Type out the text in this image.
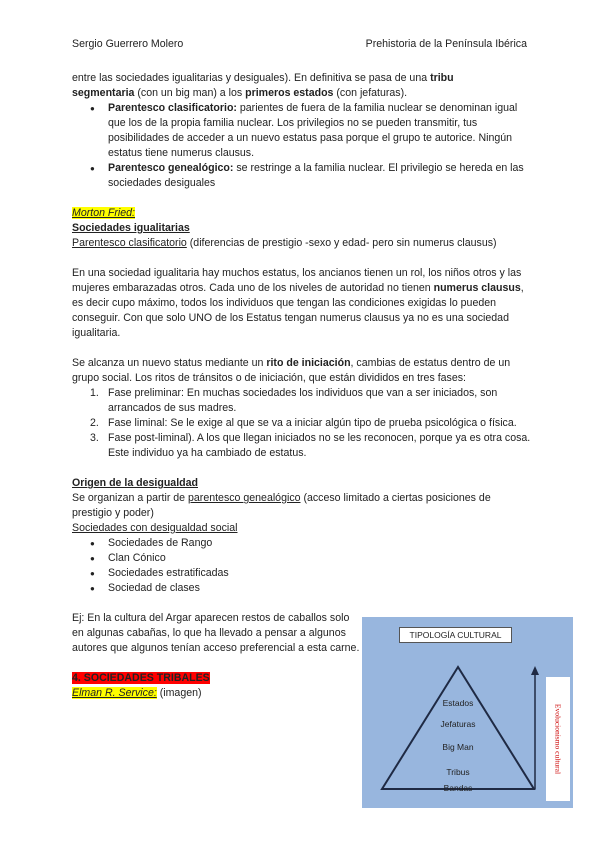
Sergio Guerrero Molero	Prehistoria de la Península Ibérica

entre las sociedades igualitarias y desiguales). En definitiva se pasa de una tribu
segmentaria (con un big man) a los primeros estados (con jefaturas).

● Parentesco clasificatorio: parientes de fuera de la familia nuclear se denominan igual que los de la propia familia nuclear. Los privilegios no se pueden transmitir, tus posibilidades de acceder a un nuevo estatus pasa porque el grupo te autorice. Ningún estatus tiene numerus clausus.
● Parentesco genealógico: se restringe a la familia nuclear. El privilegio se hereda en las sociedades desiguales

Morton Fried:

Sociedades igualitarias

Parentesco clasificatorio (diferencias de prestigio -sexo y edad- pero sin numerus clausus)

En una sociedad igualitaria hay muchos estatus, los ancianos tienen un rol, los niños otros y las mujeres embarazadas otros. Cada uno de los niveles de autoridad no tienen numerus clausus, es decir cupo máximo, todos los individuos que tengan las condiciones exigidas lo pueden conseguir. Con que solo UNO de los Estatus tengan numerus clausus ya no es una sociedad igualitaria.

Se alcanza un nuevo status mediante un rito de iniciación, cambias de estatus dentro de un grupo social. Los ritos de tránsitos o de iniciación, que están divididos en tres fases:

Fase preliminar: En muchas sociedades los individuos que van a ser iniciados, son arrancados de sus madres.
Fase liminal: Se le exige al que se va a iniciar algún tipo de prueba psicológica o física.
Fase post-liminal). A los que llegan iniciados no se les reconocen, porque ya es otra cosa. Este individuo ya ha cambiado de estatus.

Origen de la desigualdad

Se organizan a partir de parentesco genealógico (acceso limitado a ciertas posiciones de prestigio y poder)

Sociedades con desigualdad social

● Sociedades de Rango
● Clan Cónico
● Sociedades estratificadas
● Sociedad de clases

Ej: En la cultura del Argar aparecen restos de caballos solo en algunas cabañas, lo que ha llevado a pensar a algunos autores que algunos tenían acceso preferencial a esta carne.

4. SOCIEDADES TRIBALES

Elman R. Service: (imagen)

TIPOLOGÍA CULTURAL
Evolucionismo cultural
Estados
Jefaturas
Big Man
Tribus
Bandas
